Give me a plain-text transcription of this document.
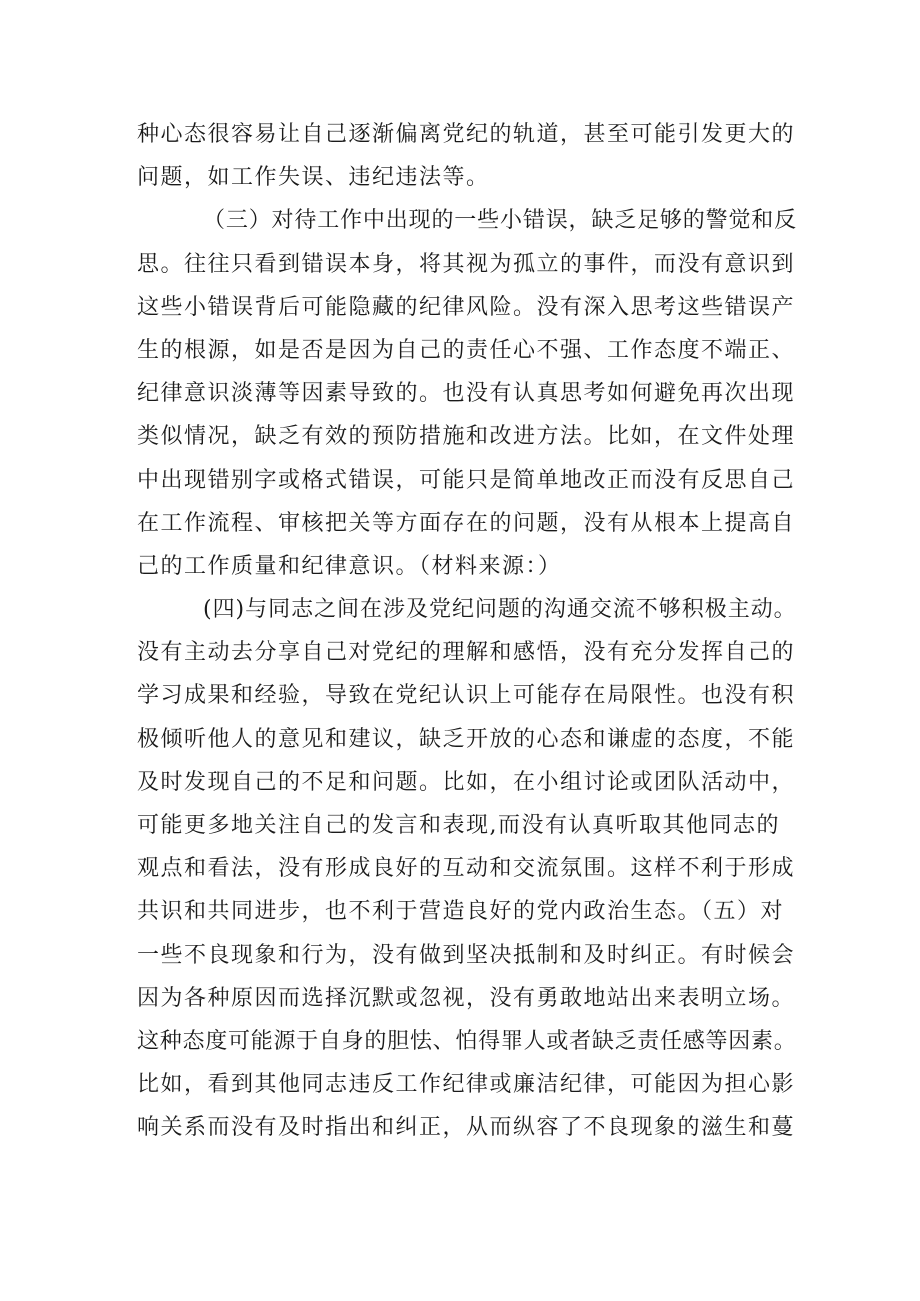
种心态很容易让自己逐渐偏离党纪的轨道，甚至可能引发更大的
问题，如工作失误、违纪违法等。
（三）对待工作中出现的一些小错误，缺乏足够的警觉和反
思。往往只看到错误本身，将其视为孤立的事件，而没有意识到
这些小错误背后可能隐藏的纪律风险。没有深入思考这些错误产
生的根源，如是否是因为自己的责任心不强、工作态度不端正、
纪律意识淡薄等因素导致的。也没有认真思考如何避免再次出现
类似情况，缺乏有效的预防措施和改进方法。比如，在文件处理
中出现错别字或格式错误，可能只是简单地改正而没有反思自己
在工作流程、审核把关等方面存在的问题，没有从根本上提高自
己的工作质量和纪律意识。（材料来源：）
(四)与同志之间在涉及党纪问题的沟通交流不够积极主动。
没有主动去分享自己对党纪的理解和感悟，没有充分发挥自己的
学习成果和经验，导致在党纪认识上可能存在局限性。也没有积
极倾听他人的意见和建议，缺乏开放的心态和谦虚的态度，不能
及时发现自己的不足和问题。比如，在小组讨论或团队活动中，
可能更多地关注自己的发言和表现,而没有认真听取其他同志的
观点和看法，没有形成良好的互动和交流氛围。这样不利于形成
共识和共同进步，也不利于营造良好的党内政治生态。（五）对
一些不良现象和行为，没有做到坚决抵制和及时纠正。有时候会
因为各种原因而选择沉默或忽视，没有勇敢地站出来表明立场。
这种态度可能源于自身的胆怯、怕得罪人或者缺乏责任感等因素。
比如，看到其他同志违反工作纪律或廉洁纪律，可能因为担心影
响关系而没有及时指出和纠正，从而纵容了不良现象的滋生和蔓
